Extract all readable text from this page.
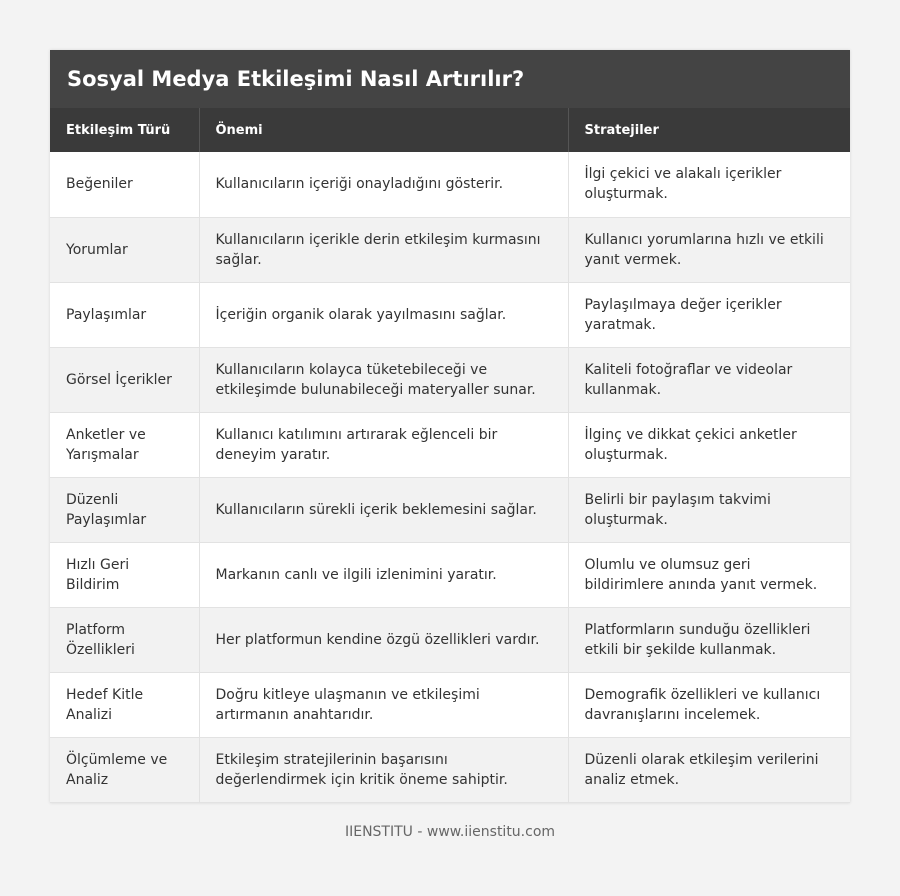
Sosyal Medya Etkileşimi Nasıl Artırılır?
Etkileşim Türü	Önemi	Stratejiler
Beğeniler	Kullanıcıların içeriği onayladığını gösterir.	İlgi çekici ve alakalı içerikler oluşturmak.
Yorumlar	Kullanıcıların içerikle derin etkileşim kurmasını sağlar.	Kullanıcı yorumlarına hızlı ve etkili yanıt vermek.
Paylaşımlar	İçeriğin organik olarak yayılmasını sağlar.	Paylaşılmaya değer içerikler yaratmak.
Görsel İçerikler	Kullanıcıların kolayca tüketebileceği ve etkileşimde bulunabileceği materyaller sunar.	Kaliteli fotoğraflar ve videolar kullanmak.
Anketler ve Yarışmalar	Kullanıcı katılımını artırarak eğlenceli bir deneyim yaratır.	İlginç ve dikkat çekici anketler oluşturmak.
Düzenli Paylaşımlar	Kullanıcıların sürekli içerik beklemesini sağlar.	Belirli bir paylaşım takvimi oluşturmak.
Hızlı Geri Bildirim	Markanın canlı ve ilgili izlenimini yaratır.	Olumlu ve olumsuz geri bildirimlere anında yanıt vermek.
Platform Özellikleri	Her platformun kendine özgü özellikleri vardır.	Platformların sunduğu özellikleri etkili bir şekilde kullanmak.
Hedef Kitle Analizi	Doğru kitleye ulaşmanın ve etkileşimi artırmanın anahtarıdır.	Demografik özellikleri ve kullanıcı davranışlarını incelemek.
Ölçümleme ve Analiz	Etkileşim stratejilerinin başarısını değerlendirmek için kritik öneme sahiptir.	Düzenli olarak etkileşim verilerini analiz etmek.
IIENSTITU - www.iienstitu.com
